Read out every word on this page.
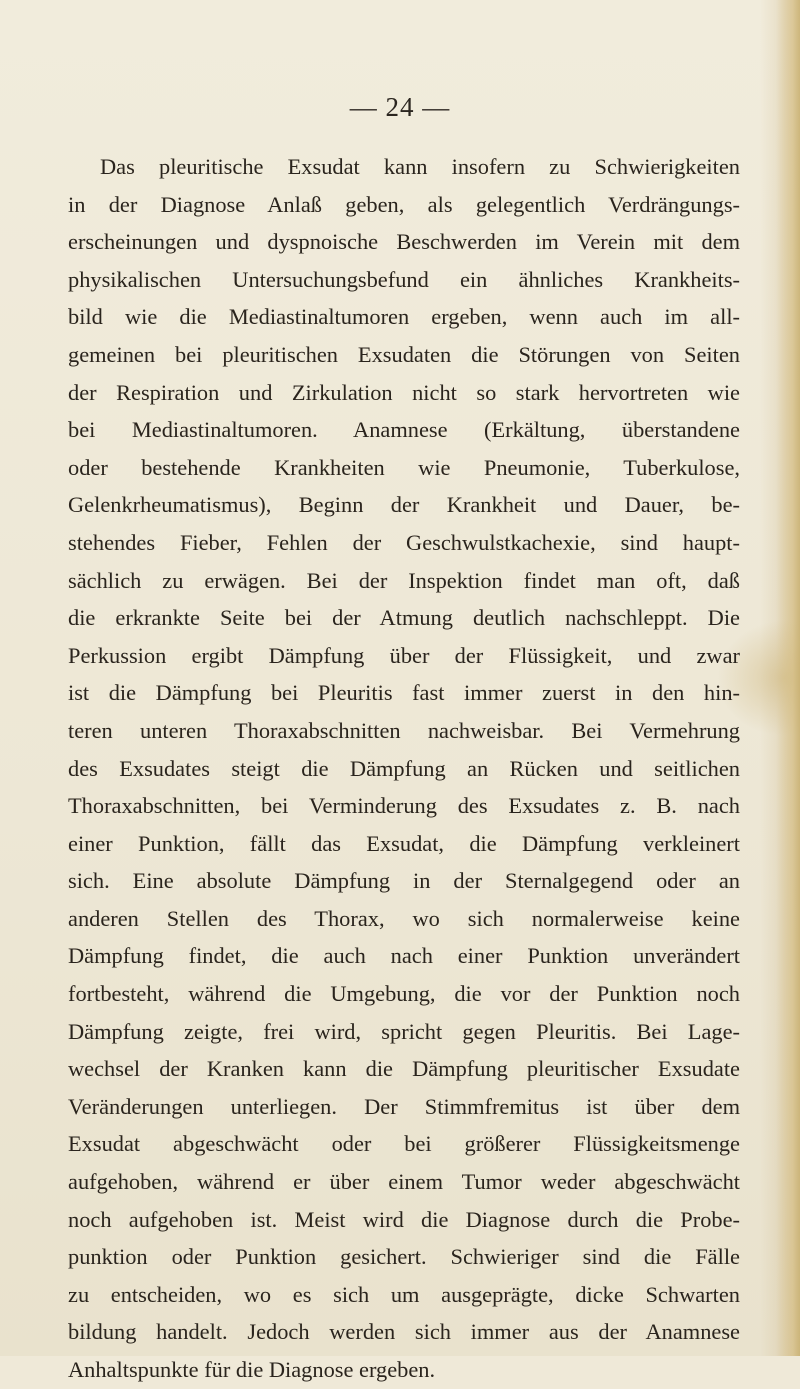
— 24 —
Das pleuritische Exsudat kann insofern zu Schwierigkeiten
in der Diagnose Anlaß geben, als gelegentlich Verdrängungs-
erscheinungen und dyspnoische Beschwerden im Verein mit dem
physikalischen Untersuchungsbefund ein ähnliches Krankheits-
bild wie die Mediastinaltumoren ergeben, wenn auch im all-
gemeinen bei pleuritischen Exsudaten die Störungen von Seiten
der Respiration und Zirkulation nicht so stark hervortreten wie
bei Mediastinaltumoren. Anamnese (Erkältung, überstandene
oder bestehende Krankheiten wie Pneumonie, Tuberkulose,
Gelenkrheumatismus), Beginn der Krankheit und Dauer, be-
stehendes Fieber, Fehlen der Geschwulstkachexie, sind haupt-
sächlich zu erwägen. Bei der Inspektion findet man oft, daß
die erkrankte Seite bei der Atmung deutlich nachschleppt. Die
Perkussion ergibt Dämpfung über der Flüssigkeit, und zwar
ist die Dämpfung bei Pleuritis fast immer zuerst in den hin-
teren unteren Thoraxabschnitten nachweisbar. Bei Vermehrung
des Exsudates steigt die Dämpfung an Rücken und seitlichen
Thoraxabschnitten, bei Verminderung des Exsudates z. B. nach
einer Punktion, fällt das Exsudat, die Dämpfung verkleinert
sich. Eine absolute Dämpfung in der Sternalgegend oder an
anderen Stellen des Thorax, wo sich normalerweise keine
Dämpfung findet, die auch nach einer Punktion unverändert
fortbesteht, während die Umgebung, die vor der Punktion noch
Dämpfung zeigte, frei wird, spricht gegen Pleuritis. Bei Lage-
wechsel der Kranken kann die Dämpfung pleuritischer Exsudate
Veränderungen unterliegen. Der Stimmfremitus ist über dem
Exsudat abgeschwächt oder bei größerer Flüssigkeitsmenge
aufgehoben, während er über einem Tumor weder abgeschwächt
noch aufgehoben ist. Meist wird die Diagnose durch die Probe-
punktion oder Punktion gesichert. Schwieriger sind die Fälle
zu entscheiden, wo es sich um ausgeprägte, dicke Schwarten
bildung handelt. Jedoch werden sich immer aus der Anamnese
Anhaltspunkte für die Diagnose ergeben.
